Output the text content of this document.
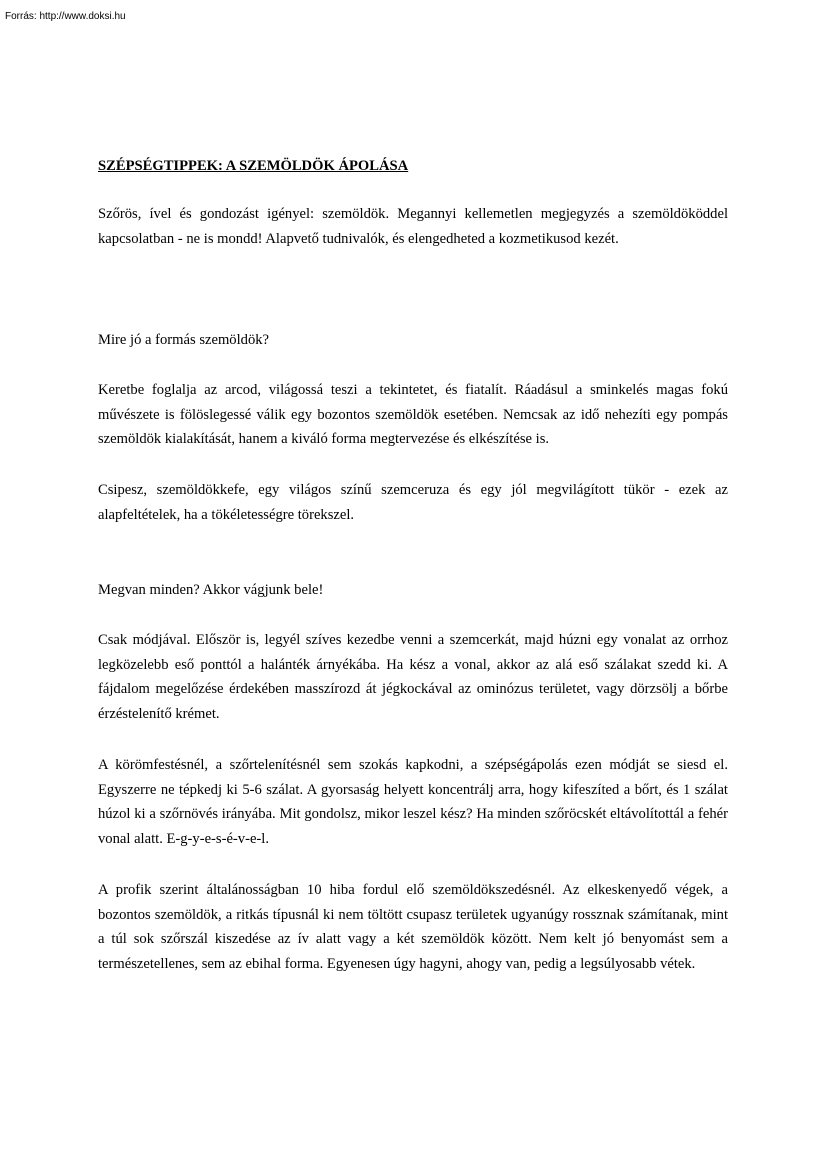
Forrás: http://www.doksi.hu
SZÉPSÉGTIPPEK: A SZEMÖLDÖK ÁPOLÁSA

Szőrös, ível és gondozást igényel: szemöldök. Megannyi kellemetlen megjegyzés a szemöldököddel kapcsolatban - ne is mondd! Alapvető tudnivalók, és elengedheted a kozmetikusod kezét.

Mire jó a formás szemöldök?

Keretbe foglalja az arcod, világossá teszi a tekintetet, és fiatalít. Ráadásul a sminkelés magas fokú művészete is fölöslegessé válik egy bozontos szemöldök esetében. Nemcsak az idő nehezíti egy pompás szemöldök kialakítását, hanem a kiváló forma megtervezése és elkészítése is.

Csipesz, szemöldökkefe, egy világos színű szemceruza és egy jól megvilágított tükör - ezek az alapfeltételek, ha a tökéletességre törekszel.

Megvan minden? Akkor vágjunk bele!

Csak módjával. Először is, legyél szíves kezedbe venni a szemcerkát, majd húzni egy vonalat az orrhoz legközelebb eső ponttól a halánték árnyékába. Ha kész a vonal, akkor az alá eső szálakat szedd ki. A fájdalom megelőzése érdekében masszírozd át jégkockával az ominózus területet, vagy dörzsölj a bőrbe érzéstelenítő krémet.

A körömfestésnél, a szőrtelenítésnél sem szokás kapkodni, a szépségápolás ezen módját se siesd el. Egyszerre ne tépkedj ki 5-6 szálat. A gyorsaság helyett koncentrálj arra, hogy kifeszíted a bőrt, és 1 szálat húzol ki a szőrnövés irányába. Mit gondolsz, mikor leszel kész? Ha minden szőröcskét eltávolítottál a fehér vonal alatt. E-g-y-e-s-é-v-e-l.

A profik szerint általánosságban 10 hiba fordul elő szemöldökszedésnél. Az elkeskenyedő végek, a bozontos szemöldök, a ritkás típusnál ki nem töltött csupasz területek ugyanúgy rossznak számítanak, mint a túl sok szőrszál kiszedése az ív alatt vagy a két szemöldök között. Nem kelt jó benyomást sem a természetellenes, sem az ebihal forma. Egyenesen úgy hagyni, ahogy van, pedig a legsúlyosabb vétek.
